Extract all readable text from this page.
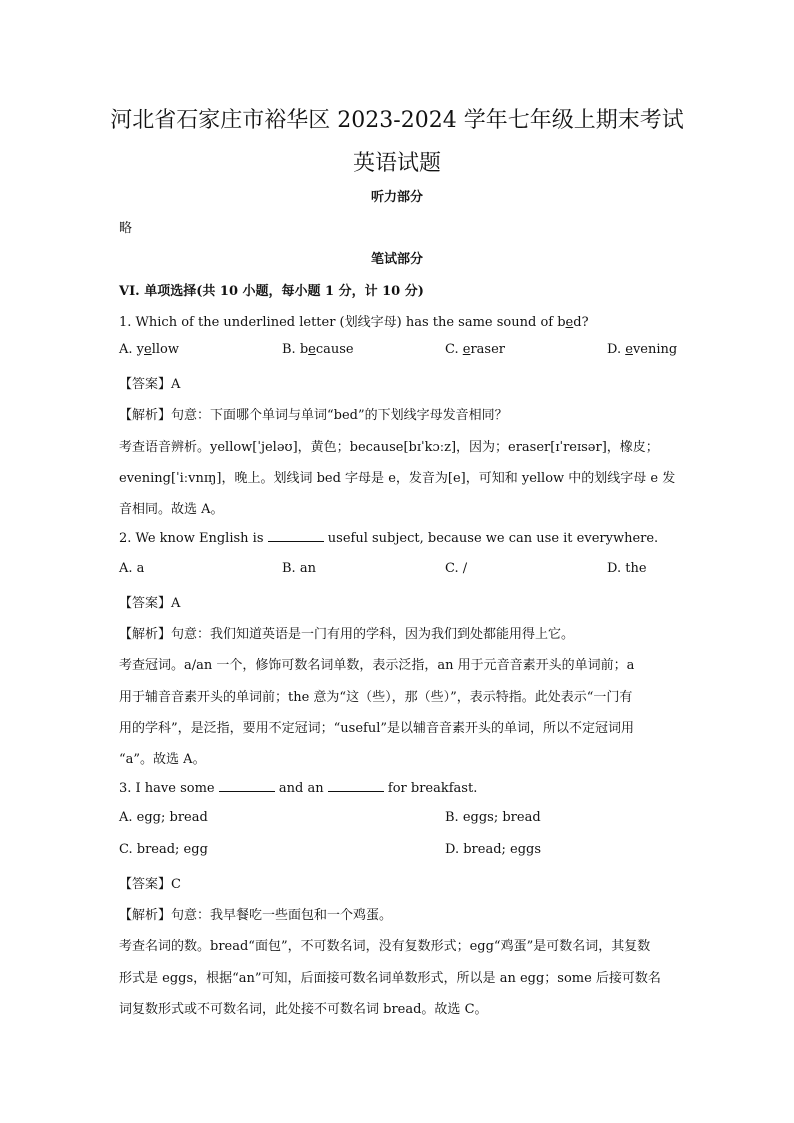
河北省石家庄市裕华区 2023-2024 学年七年级上期末考试
英语试题
听力部分
略
笔试部分
VI. 单项选择(共 10 小题，每小题 1 分，计 10 分)
1. Which of the underlined letter (划线字母) has the same sound of bed?
A. yellow	B. because	C. eraser	D. evening
【答案】A
【解析】句意：下面哪个单词与单词“bed”的下划线字母发音相同？
考查语音辨析。yellow[ˈjeləʊ]，黄色；because[bɪˈkɔːz]，因为；eraser[ɪˈreɪsər]，橡皮；
evening[ˈiːvnɪŋ]，晚上。划线词 bed 字母是 e，发音为[e]，可知和 yellow 中的划线字母 e 发
音相同。故选 A。
2. We know English is	useful subject, because we can use it everywhere.
A. a	B. an	C. /	D. the
【答案】A
【解析】句意：我们知道英语是一门有用的学科，因为我们到处都能用得上它。
考查冠词。a/an 一个，修饰可数名词单数，表示泛指，an 用于元音音素开头的单词前；a
用于辅音音素开头的单词前；the 意为“这（些），那（些）”，表示特指。此处表示“一门有
用的学科”，是泛指，要用不定冠词；“useful”是以辅音音素开头的单词，所以不定冠词用
“a”。故选 A。
3. I have some	and an	for breakfast.
A. egg; bread	B. eggs; bread
C. bread; egg	D. bread; eggs
【答案】C
【解析】句意：我早餐吃一些面包和一个鸡蛋。
考查名词的数。bread“面包”，不可数名词，没有复数形式；egg“鸡蛋”是可数名词，其复数
形式是 eggs，根据“an”可知，后面接可数名词单数形式，所以是 an egg；some 后接可数名
词复数形式或不可数名词，此处接不可数名词 bread。故选 C。
